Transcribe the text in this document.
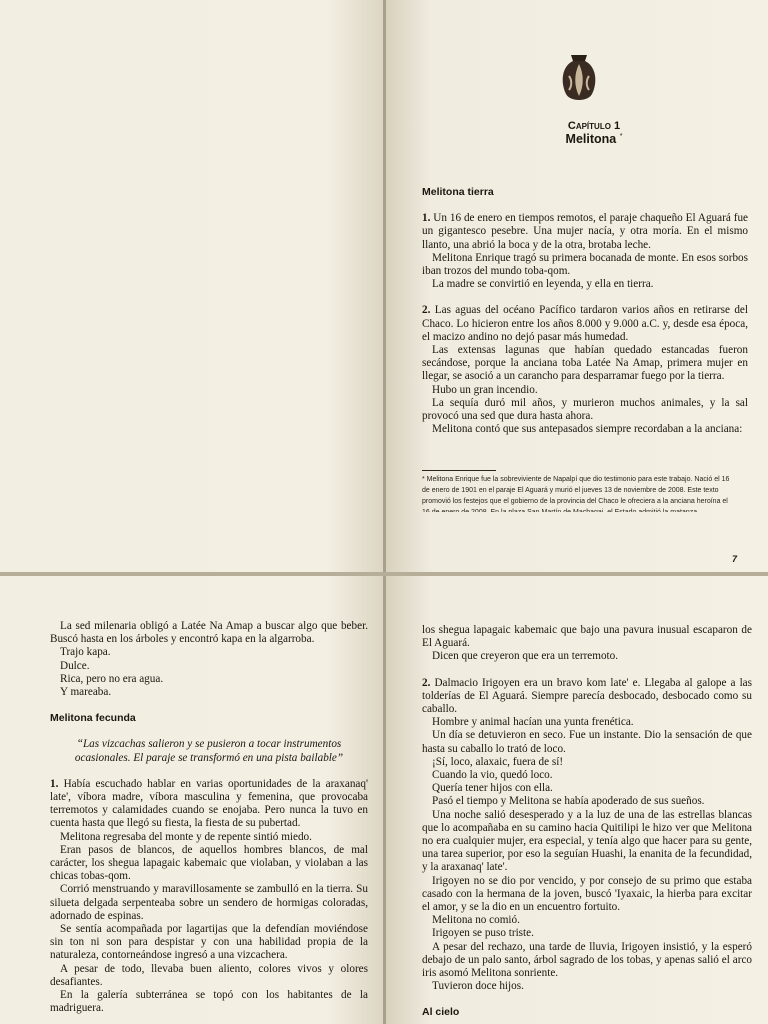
Capítulo 1
Melitona *

Melitona tierra

1. Un 16 de enero en tiempos remotos, el paraje chaqueño El Aguará fue un gigantesco pesebre. Una mujer nacía, y otra moría. En el mismo llanto, una abrió la boca y de la otra, brotaba leche.

Melitona Enrique tragó su primera bocanada de monte. En esos sorbos iban trozos del mundo toba-qom.

La madre se convirtió en leyenda, y ella en tierra.

2. Las aguas del océano Pacífico tardaron varios años en retirarse del Chaco. Lo hicieron entre los años 8.000 y 9.000 a.C. y, desde esa época, el macizo andino no dejó pasar más humedad.

Las extensas lagunas que habían quedado estancadas fueron secándose, porque la anciana toba Latée Na Amap, primera mujer en llegar, se asoció a un carancho para desparramar fuego por la tierra.

Hubo un gran incendio.

La sequía duró mil años, y murieron muchos animales, y la sal provocó una sed que dura hasta ahora.

Melitona contó que sus antepasados siempre recordaban a la anciana:

* Melitona Enrique fue la sobreviviente de Napalpí que dio testimonio para este trabajo. Nació el 16 de enero de 1901 en el paraje El Aguará y murió el jueves 13 de noviembre de 2008. Este texto promovió los festejos que el gobierno de la provincia del Chaco le ofreciera a la anciana heroína el

La sed milenaria obligó a Latée Na Amap a buscar algo que beber. Buscó hasta en los árboles y encontró kapa en la algarroba.

Trajo kapa.

Dulce.

Rica, pero no era agua.

Y mareaba.

Melitona fecunda

“Las vizcachas salieron y se pusieron a tocar instrumentos ocasionales. El paraje se transformó en una pista bailable”

1. Había escuchado hablar en varias oportunidades de la araxanaq' late', víbora madre, víbora masculina y femenina, que provocaba terremotos y calamidades cuando se enojaba. Pero nunca la tuvo en cuenta hasta que llegó su fiesta, la fiesta de su pubertad.

Melitona regresaba del monte y de repente sintió miedo.

Eran pasos de blancos, de aquellos hombres blancos, de mal carácter, los shegua lapagaic kabemaic que violaban, y violaban a las chicas tobas-qom.

Corrió menstruando y maravillosamente se zambulló en la tierra. Su silueta delgada serpenteaba sobre un sendero de hormigas coloradas, adornado de espinas.

Se sentía acompañada por lagartijas que la defendían moviéndose sin ton ni son para despistar y con una habilidad propia de la naturaleza, contorneándose ingresó a una vizcachera.

A pesar de todo, llevaba buen aliento, colores vivos y olores desafiantes.

En la galería subterránea se topó con los habitantes de la madriguera.

los shegua lapagaic kabemaic que bajo una pavura inusual escaparon de El Aguará.

Dicen que creyeron que era un terremoto.

2. Dalmacio Irigoyen era un bravo kom late' e. Llegaba al galope a las tolderías de El Aguará. Siempre parecía desbocado, desbocado como su caballo.

Hombre y animal hacían una yunta frenética.

Un día se detuvieron en seco. Fue un instante. Dio la sensación de que hasta su caballo lo trató de loco.

¡Sí, loco, alaxaic, fuera de sí!

Cuando la vio, quedó loco.

Quería tener hijos con ella.

Pasó el tiempo y Melitona se había apoderado de sus sueños.

Una noche salió desesperado y a la luz de una de las estrellas blancas que lo acompañaba en su camino hacia Quitilipi le hizo ver que Melitona no era cualquier mujer, era especial, y tenía algo que hacer para su gente, una tarea superior, por eso la seguían Huashi, la enanita de la fecundidad, y la araxanaq' late'.

Irigoyen no se dio por vencido, y por consejo de su primo que estaba casado con la hermana de la joven, buscó 'Iyaxaic, la hierba para excitar el amor, y se la dio en un encuentro fortuito.

Melitona no comió.

Irigoyen se puso triste.

A pesar del rechazo, una tarde de lluvia, Irigoyen insistió, y la esperó debajo de un palo santo, árbol sagrado de los tobas, y apenas salió el arco iris asomó Melitona sonriente.

Tuvieron doce hijos.

Al cielo

7
